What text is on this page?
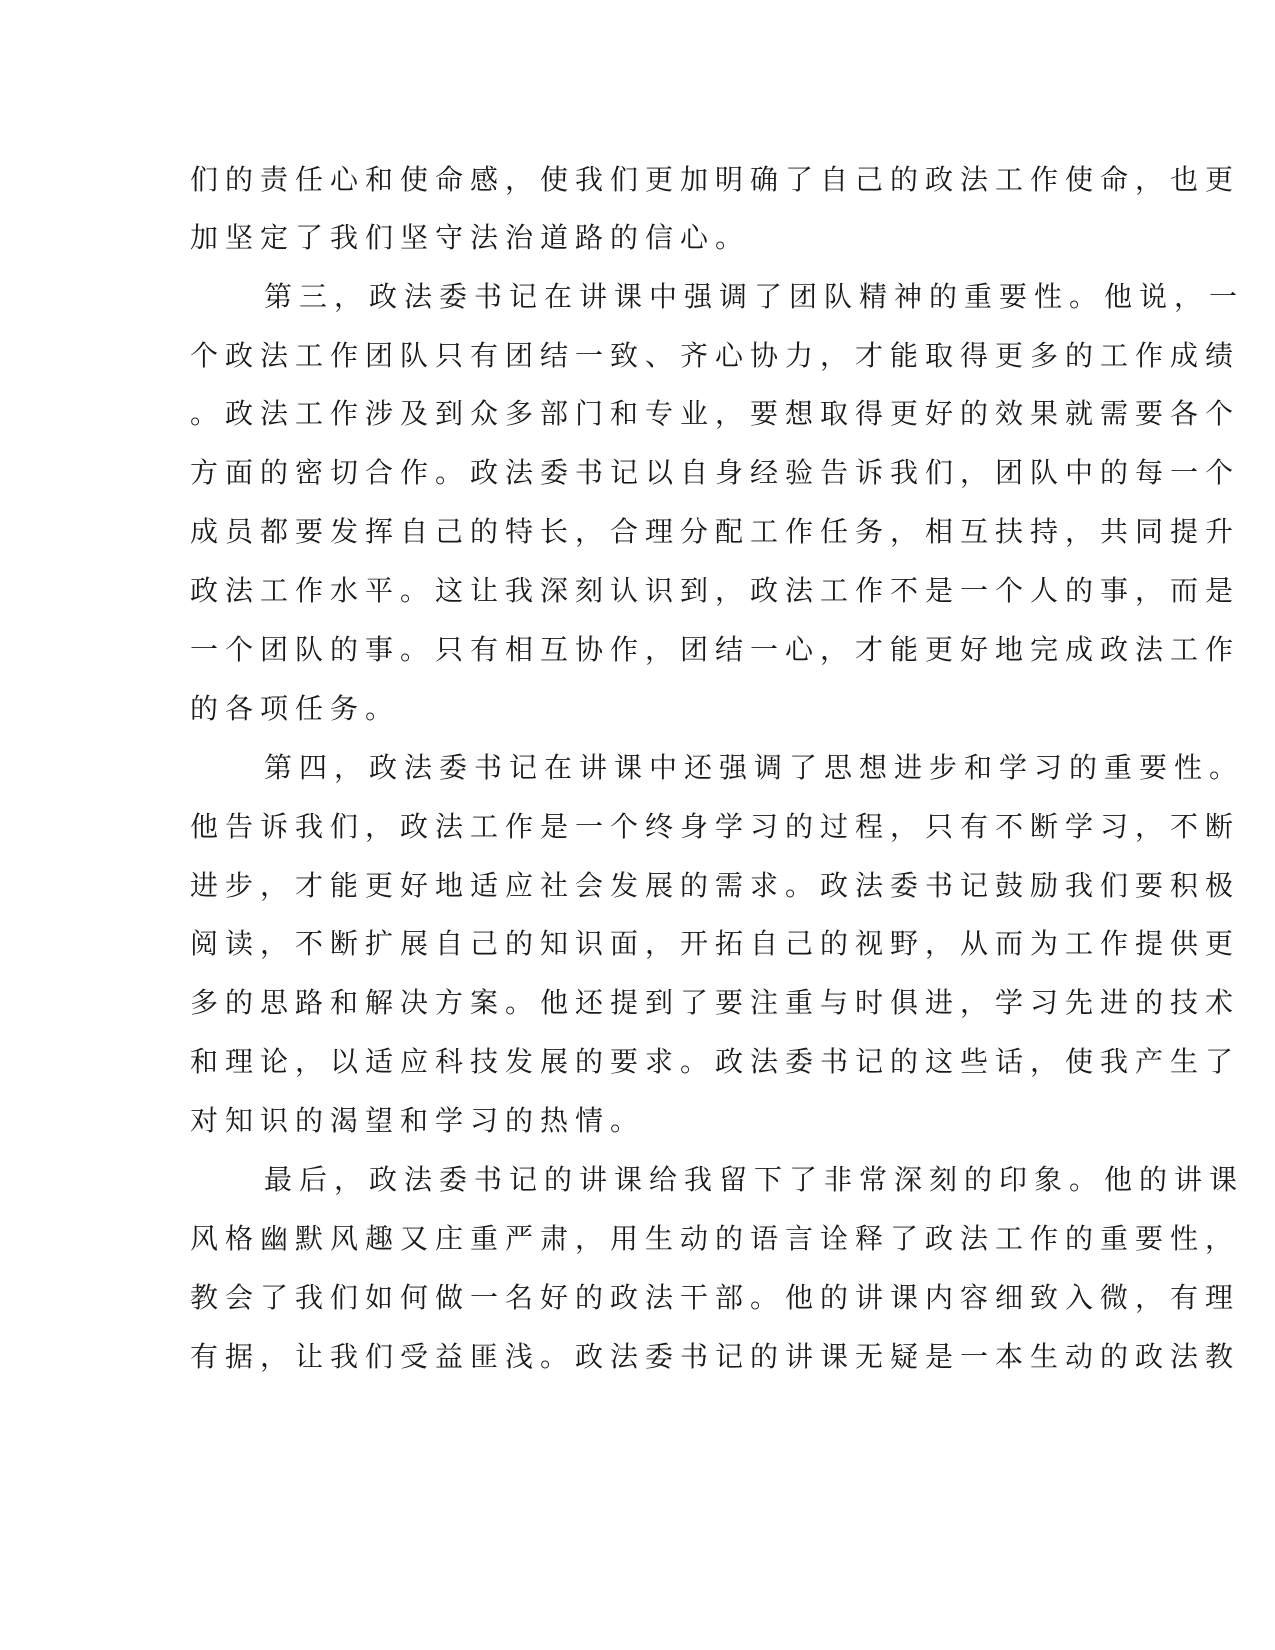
们的责任心和使命感，使我们更加明确了自己的政法工作使命，也更
加坚定了我们坚守法治道路的信心。
第三，政法委书记在讲课中强调了团队精神的重要性。他说，一
个政法工作团队只有团结一致、齐心协力，才能取得更多的工作成绩
。政法工作涉及到众多部门和专业，要想取得更好的效果就需要各个
方面的密切合作。政法委书记以自身经验告诉我们，团队中的每一个
成员都要发挥自己的特长，合理分配工作任务，相互扶持，共同提升
政法工作水平。这让我深刻认识到，政法工作不是一个人的事，而是
一个团队的事。只有相互协作，团结一心，才能更好地完成政法工作
的各项任务。
第四，政法委书记在讲课中还强调了思想进步和学习的重要性。
他告诉我们，政法工作是一个终身学习的过程，只有不断学习，不断
进步，才能更好地适应社会发展的需求。政法委书记鼓励我们要积极
阅读，不断扩展自己的知识面，开拓自己的视野，从而为工作提供更
多的思路和解决方案。他还提到了要注重与时俱进，学习先进的技术
和理论，以适应科技发展的要求。政法委书记的这些话，使我产生了
对知识的渴望和学习的热情。
最后，政法委书记的讲课给我留下了非常深刻的印象。他的讲课
风格幽默风趣又庄重严肃，用生动的语言诠释了政法工作的重要性，
教会了我们如何做一名好的政法干部。他的讲课内容细致入微，有理
有据，让我们受益匪浅。政法委书记的讲课无疑是一本生动的政法教
